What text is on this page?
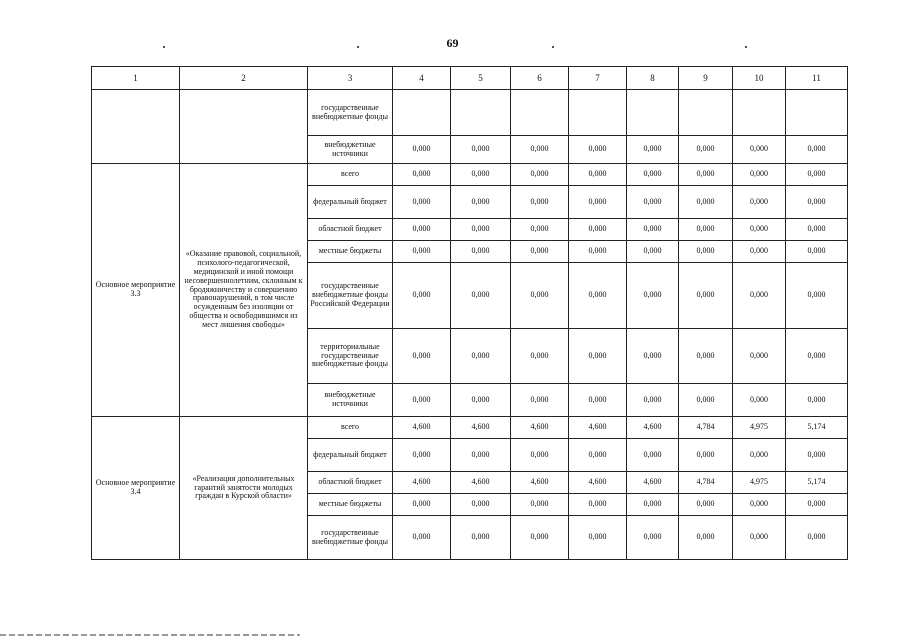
69
1	2	3	4	5	6	7	8	9	10	11
		государственные внебюджетные фонды								
		внебюджетные источники	0,000	0,000	0,000	0,000	0,000	0,000	0,000	0,000
Основное мероприятие 3.3	«Оказание правовой, социальной, психолого-педагогической, медицинской и иной помощи несовершеннолетним, склонным к бродяжничеству и совершению правонарушений, в том числе осужденным без изоляции от общества и освободившимся из мест лишения свободы»	всего	0,000	0,000	0,000	0,000	0,000	0,000	0,000	0,000
		федеральный бюджет	0,000	0,000	0,000	0,000	0,000	0,000	0,000	0,000
		областной бюджет	0,000	0,000	0,000	0,000	0,000	0,000	0,000	0,000
		местные бюджеты	0,000	0,000	0,000	0,000	0,000	0,000	0,000	0,000
		государственные внебюджетные фонды Российской Федерации	0,000	0,000	0,000	0,000	0,000	0,000	0,000	0,000
		территориальные государственные внебюджетные фонды	0,000	0,000	0,000	0,000	0,000	0,000	0,000	0,000
		внебюджетные источники	0,000	0,000	0,000	0,000	0,000	0,000	0,000	0,000
Основное мероприятие 3.4	«Реализация дополнительных гарантий занятости молодых граждан в Курской области»	всего	4,600	4,600	4,600	4,600	4,600	4,784	4,975	5,174
		федеральный бюджет	0,000	0,000	0,000	0,000	0,000	0,000	0,000	0,000
		областной бюджет	4,600	4,600	4,600	4,600	4,600	4,784	4,975	5,174
		местные бюджеты	0,000	0,000	0,000	0,000	0,000	0,000	0,000	0,000
		государственные внебюджетные фонды	0,000	0,000	0,000	0,000	0,000	0,000	0,000	0,000
